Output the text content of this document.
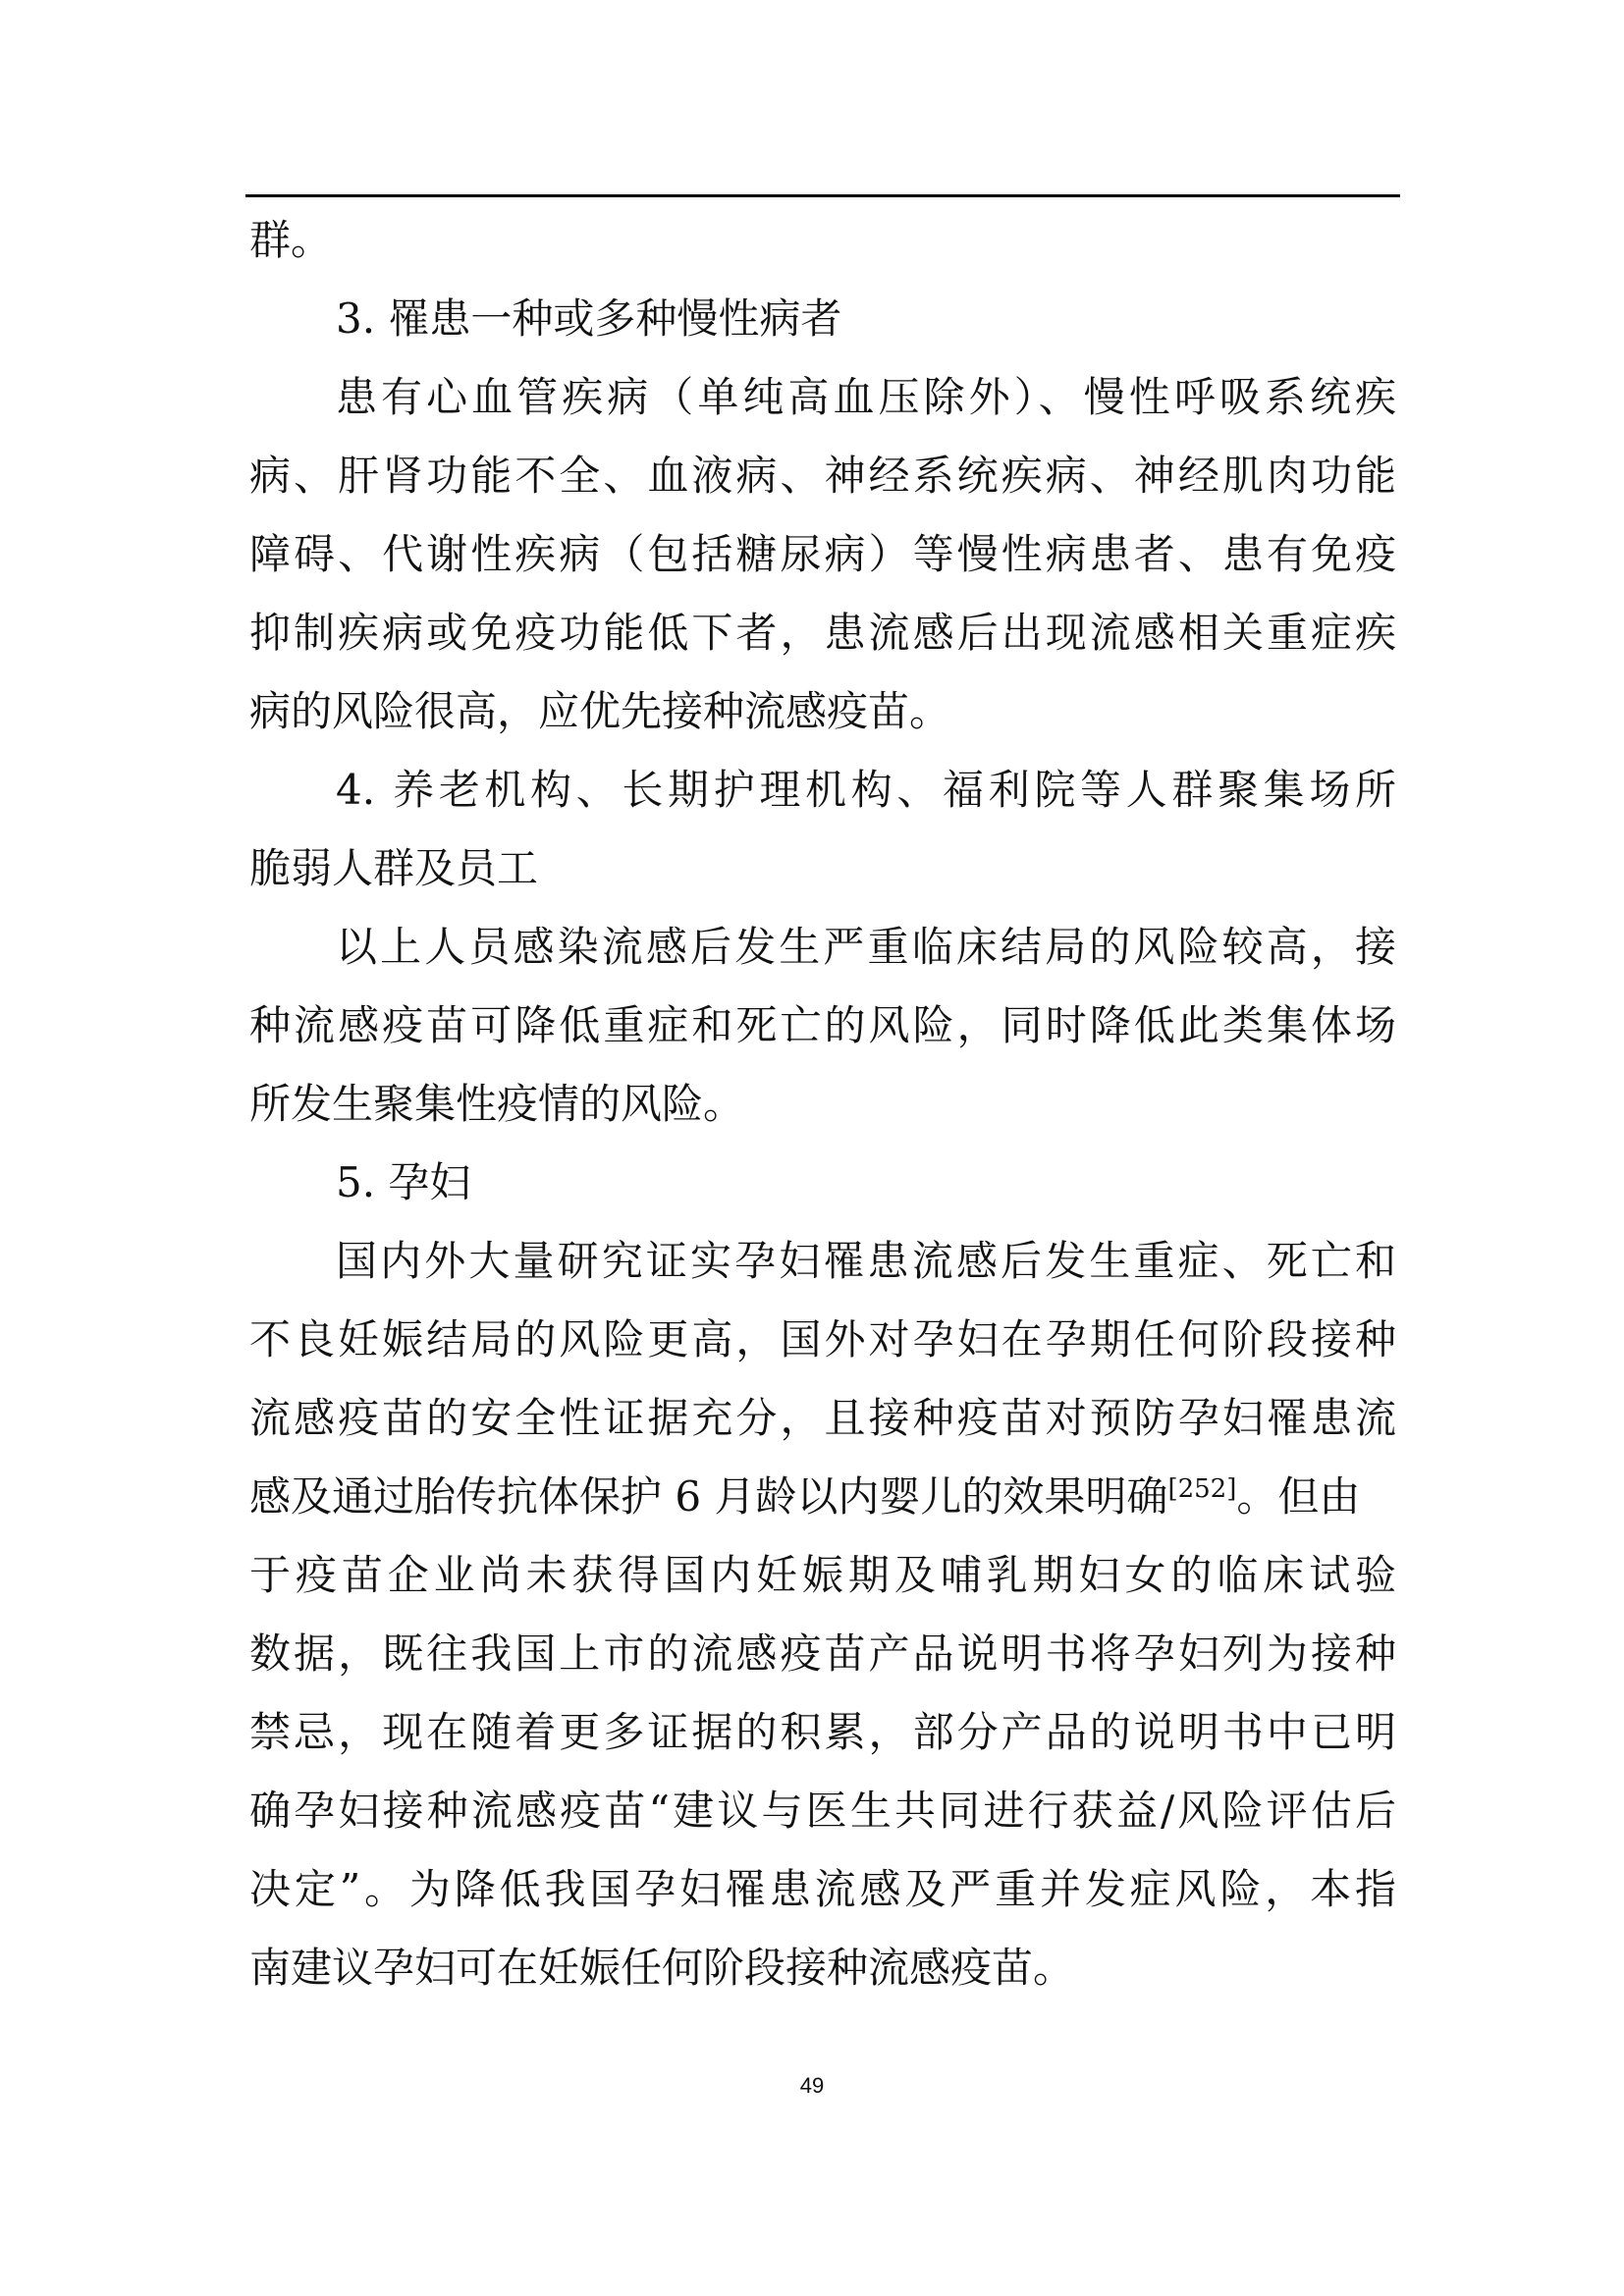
群。
3. 罹患一种或多种慢性病者
患有心血管疾病（单纯高血压除外）、慢性呼吸系统疾
病、肝肾功能不全、血液病、神经系统疾病、神经肌肉功能
障碍、代谢性疾病（包括糖尿病）等慢性病患者、患有免疫
抑制疾病或免疫功能低下者，患流感后出现流感相关重症疾
病的风险很高，应优先接种流感疫苗。
4. 养老机构、长期护理机构、福利院等人群聚集场所
脆弱人群及员工
以上人员感染流感后发生严重临床结局的风险较高，接
种流感疫苗可降低重症和死亡的风险，同时降低此类集体场
所发生聚集性疫情的风险。
5. 孕妇
国内外大量研究证实孕妇罹患流感后发生重症、死亡和
不良妊娠结局的风险更高，国外对孕妇在孕期任何阶段接种
流感疫苗的安全性证据充分，且接种疫苗对预防孕妇罹患流
感及通过胎传抗体保护 6 月龄以内婴儿的效果明确[252]。但由
于疫苗企业尚未获得国内妊娠期及哺乳期妇女的临床试验
数据，既往我国上市的流感疫苗产品说明书将孕妇列为接种
禁忌，现在随着更多证据的积累，部分产品的说明书中已明
确孕妇接种流感疫苗“建议与医生共同进行获益/风险评估后
决定”。为降低我国孕妇罹患流感及严重并发症风险，本指
南建议孕妇可在妊娠任何阶段接种流感疫苗。
49
